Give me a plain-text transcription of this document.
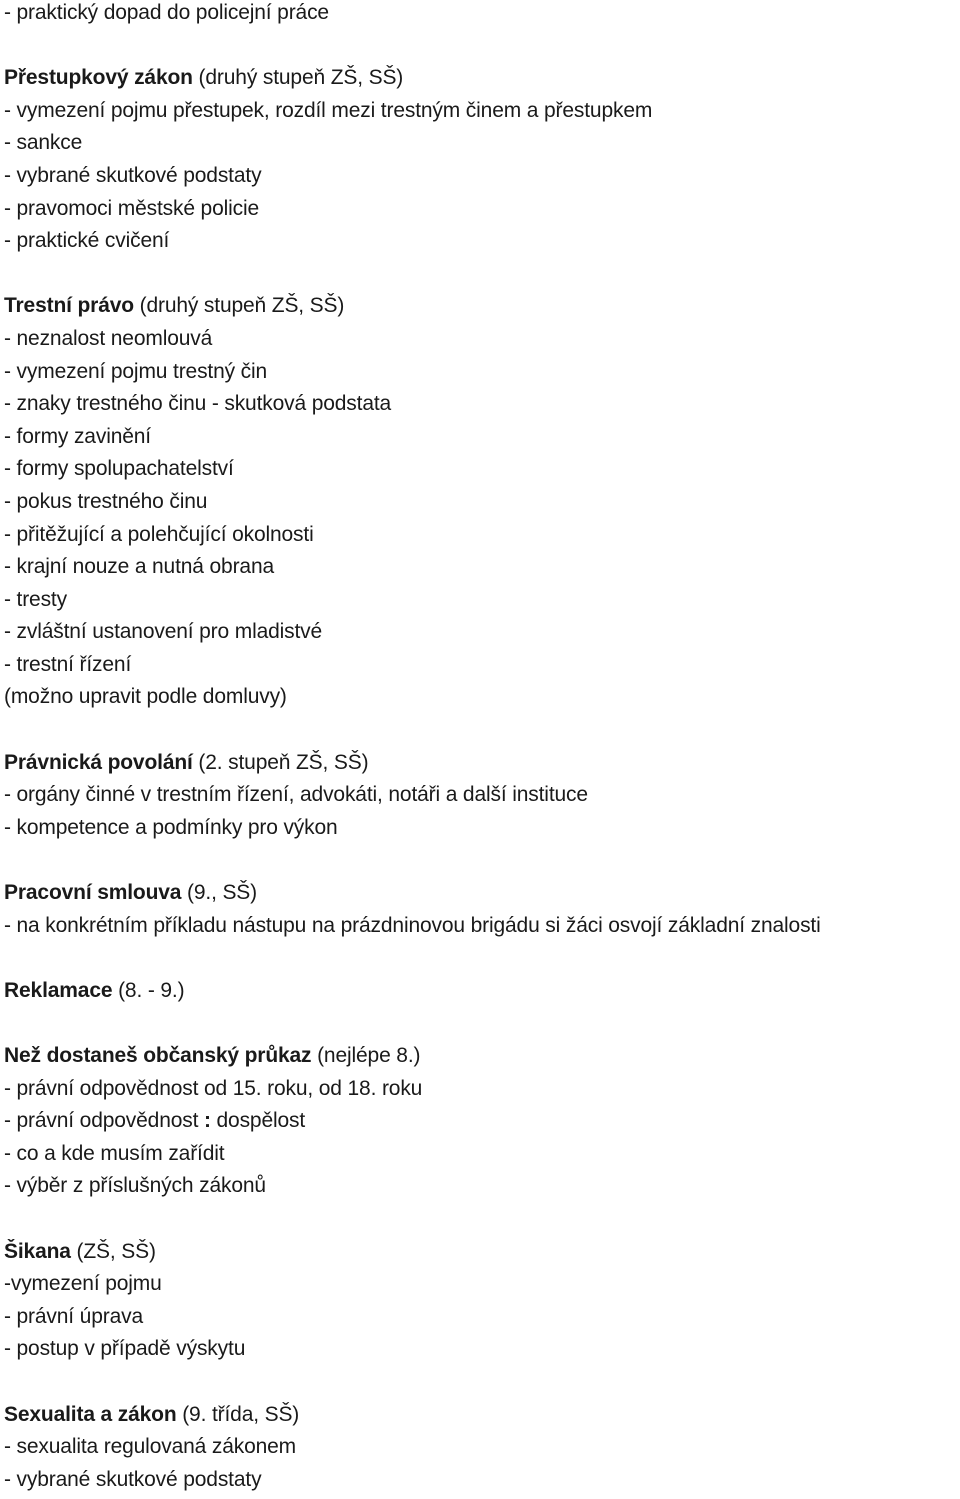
- praktický dopad do policejní práce
Přestupkový zákon (druhý stupeň ZŠ, SŠ)
- vymezení pojmu přestupek, rozdíl mezi trestným činem a přestupkem
- sankce
- vybrané skutkové podstaty
- pravomoci městské policie
- praktické cvičení
Trestní právo (druhý stupeň ZŠ, SŠ)
- neznalost neomlouvá
- vymezení pojmu trestný čin
- znaky trestného činu - skutková podstata
- formy zavinění
- formy spolupachatelství
- pokus trestného činu
- přitěžující a polehčující okolnosti
- krajní nouze a nutná obrana
- tresty
- zvláštní ustanovení pro mladistvé
- trestní řízení
(možno upravit podle domluvy)
Právnická povolání (2. stupeň ZŠ, SŠ)
- orgány činné v trestním řízení, advokáti, notáři a další instituce
- kompetence a podmínky pro výkon
Pracovní smlouva (9., SŠ)
- na konkrétním příkladu nástupu na prázdninovou brigádu si žáci osvojí základní znalosti
Reklamace (8. - 9.)
Než dostaneš občanský průkaz (nejlépe 8.)
- právní odpovědnost od 15. roku, od 18. roku
- právní odpovědnost : dospělost
- co a kde musím zařídit
- výběr z příslušných zákonů
Šikana (ZŠ, SŠ)
-vymezení pojmu
- právní úprava
- postup v případě výskytu
Sexualita a zákon (9. třída, SŠ)
- sexualita regulovaná zákonem
- vybrané skutkové podstaty
